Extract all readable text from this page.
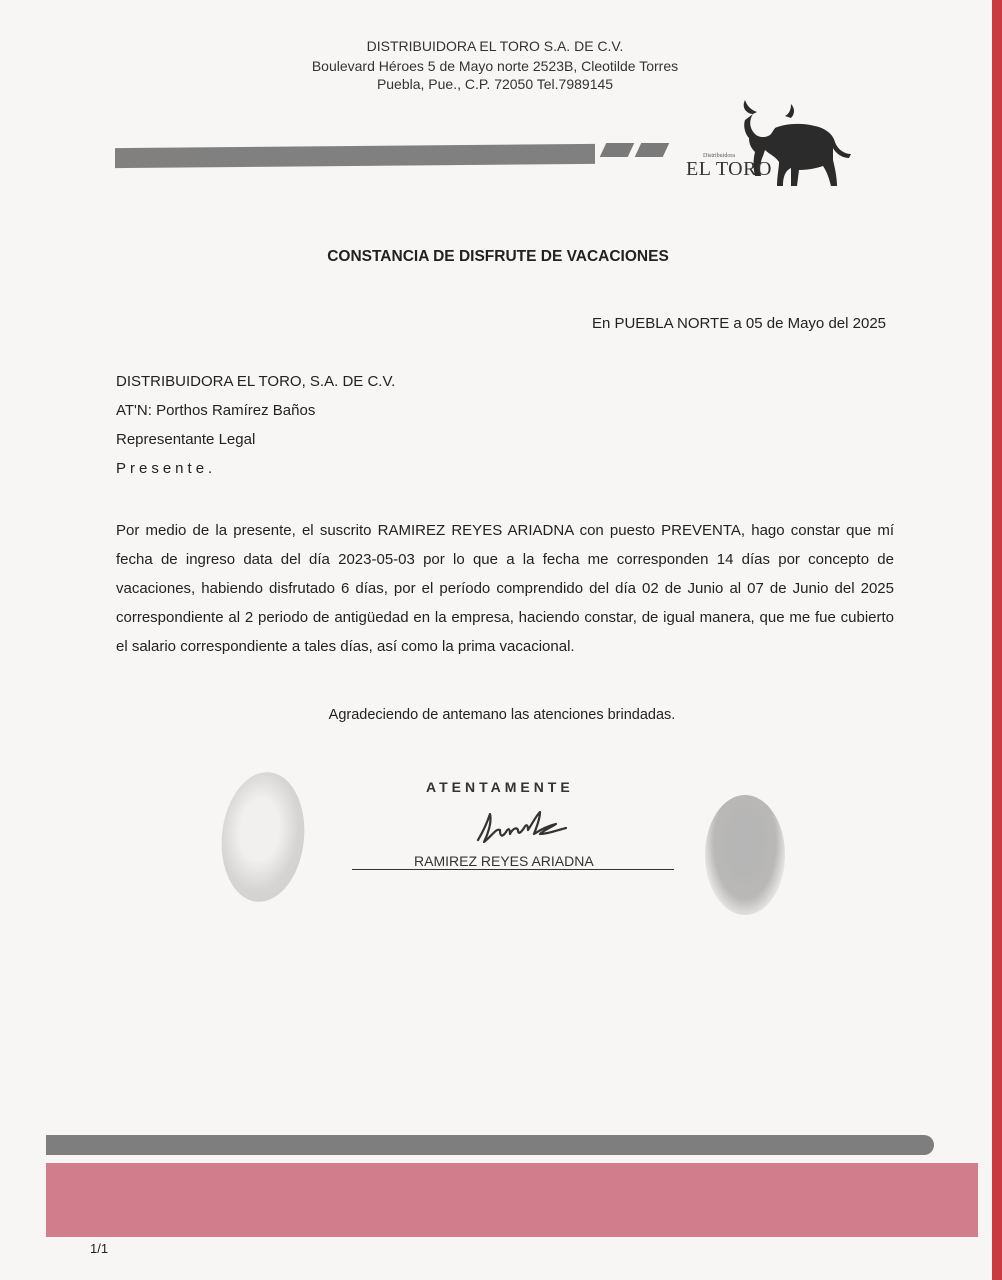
DISTRIBUIDORA EL TORO S.A. DE C.V.
Boulevard Héroes 5 de Mayo norte 2523B, Cleotilde Torres
Puebla, Pue., C.P. 72050 Tel.7989145
Distribuidora
EL TORO
CONSTANCIA DE DISFRUTE DE VACACIONES
En PUEBLA NORTE a 05 de Mayo del 2025
DISTRIBUIDORA EL TORO, S.A. DE C.V.
AT'N: Porthos Ramírez Baños
Representante Legal
Presente.
Por medio de la presente, el suscrito RAMIREZ REYES ARIADNA con puesto PREVENTA, hago constar que mí fecha de ingreso data del día 2023-05-03 por lo que a la fecha me corresponden 14 días por concepto de vacaciones, habiendo disfrutado 6 días, por el período comprendido del día 02 de Junio al 07 de Junio del 2025 correspondiente al 2 periodo de antigüedad en la empresa, haciendo constar, de igual manera, que me fue cubierto el salario correspondiente a tales días, así como la prima vacacional.
Agradeciendo de antemano las atenciones brindadas.
ATENTAMENTE
RAMIREZ REYES ARIADNA
1/1
